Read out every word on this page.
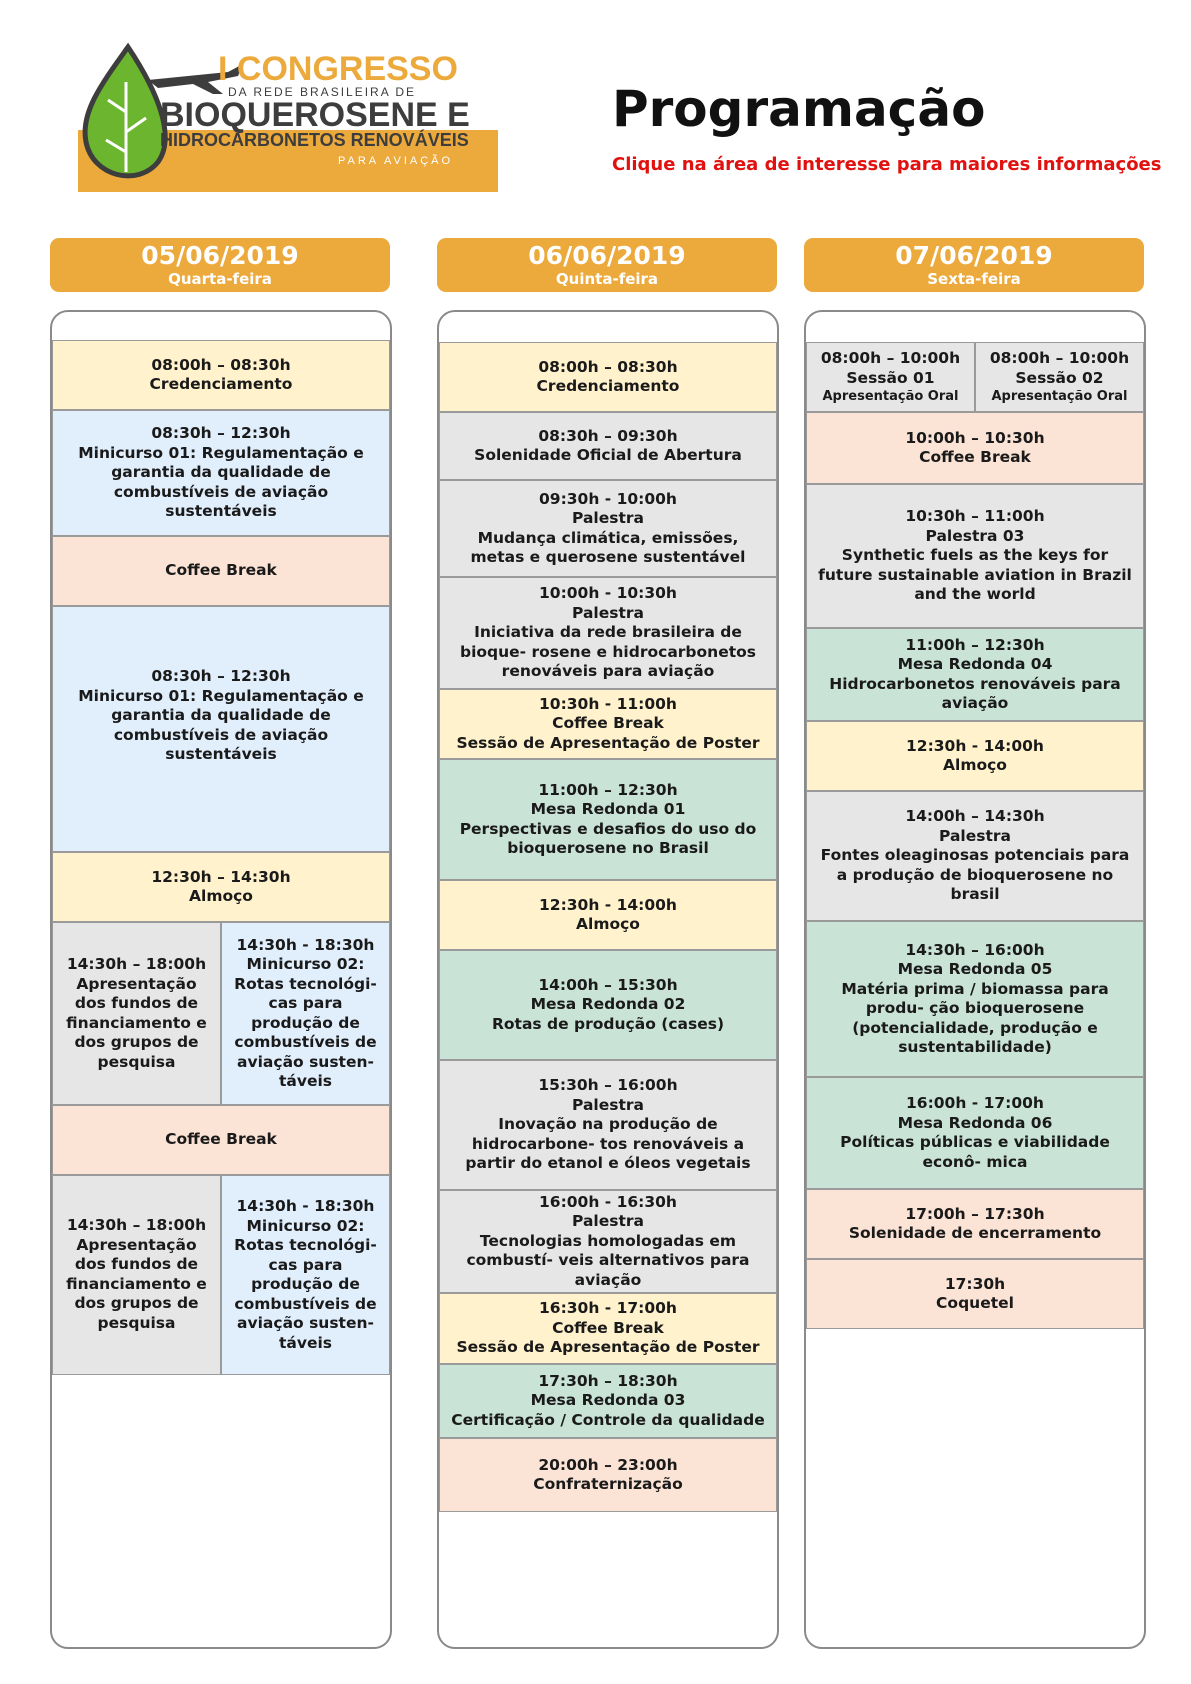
I CONGRESSO
DA REDE BRASILEIRA DE
BIOQUEROSENE E
HIDROCARBONETOS RENOVÁVEIS
PARA AVIAÇÃO
Programação
Clique na área de interesse para maiores informações
05/06/2019
Quarta-feira
06/06/2019
Quinta-feira
07/06/2019
Sexta-feira
08:00h – 08:30h
Credenciamento
08:30h – 12:30h
Minicurso 01: Regulamentação e garantia da qualidade de combustíveis de aviação sustentáveis
Coffee Break
08:30h – 12:30h
Minicurso 01: Regulamentação e garantia da qualidade de combustíveis de aviação sustentáveis
12:30h – 14:30h
Almoço
14:30h – 18:00h
Apresentação dos fundos de financiamento e dos grupos de pesquisa
14:30h - 18:30h
Minicurso 02: Rotas tecnológi- cas para produção de combustíveis de aviação susten- táveis
Coffee Break
14:30h – 18:00h
Apresentação dos fundos de financiamento e dos grupos de pesquisa
14:30h - 18:30h
Minicurso 02: Rotas tecnológi- cas para produção de combustíveis de aviação susten- táveis
08:00h – 08:30h
Credenciamento
08:30h – 09:30h
Solenidade Oficial de Abertura
09:30h - 10:00h
Palestra
Mudança climática, emissões, metas e querosene sustentável
10:00h - 10:30h
Palestra
Iniciativa da rede brasileira de bioque- rosene e hidrocarbonetos renováveis para aviação
10:30h - 11:00h
Coffee Break
Sessão de Apresentação de Poster
11:00h – 12:30h
Mesa Redonda 01
Perspectivas e desafios do uso do bioquerosene no Brasil
12:30h - 14:00h
Almoço
14:00h – 15:30h
Mesa Redonda 02
Rotas de produção (cases)
15:30h – 16:00h
Palestra
Inovação na produção de hidrocarbone- tos renováveis a partir do etanol e óleos vegetais
16:00h - 16:30h
Palestra
Tecnologias homologadas em combustí- veis alternativos para aviação
16:30h - 17:00h
Coffee Break
Sessão de Apresentação de Poster
17:30h – 18:30h
Mesa Redonda 03
Certificação / Controle da qualidade
20:00h – 23:00h
Confraternização
08:00h – 10:00h
Sessão 01
Apresentação Oral
08:00h – 10:00h
Sessão 02
Apresentação Oral
10:00h – 10:30h
Coffee Break
10:30h – 11:00h
Palestra 03
Synthetic fuels as the keys for future sustainable aviation in Brazil and the world
11:00h – 12:30h
Mesa Redonda 04
Hidrocarbonetos renováveis para aviação
12:30h - 14:00h
Almoço
14:00h – 14:30h
Palestra
Fontes oleaginosas potenciais para a produção de bioquerosene no brasil
14:30h – 16:00h
Mesa Redonda 05
Matéria prima / biomassa para produ- ção bioquerosene (potencialidade, produção e sustentabilidade)
16:00h - 17:00h
Mesa Redonda 06
Políticas públicas e viabilidade econô- mica
17:00h – 17:30h
Solenidade de encerramento
17:30h
Coquetel
